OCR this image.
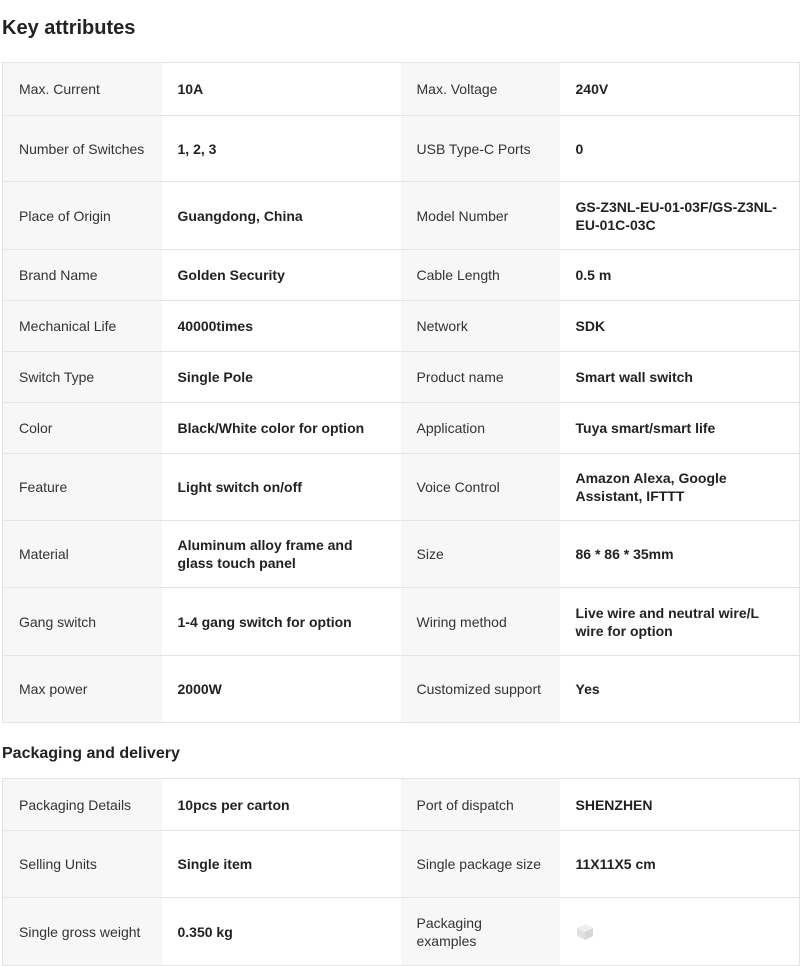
Key attributes
Max. Current	10A	Max. Voltage	240V
Number of Switches	1, 2, 3	USB Type-C Ports	0
Place of Origin	Guangdong, China	Model Number	GS-Z3NL-EU-01-03F/GS-Z3NL-EU-01C-03C
Brand Name	Golden Security	Cable Length	0.5 m
Mechanical Life	40000times	Network	SDK
Switch Type	Single Pole	Product name	Smart wall switch
Color	Black/White color for option	Application	Tuya smart/smart life
Feature	Light switch on/off	Voice Control	Amazon Alexa, Google Assistant, IFTTT
Material	Aluminum alloy frame and glass touch panel	Size	86 * 86 * 35mm
Gang switch	1-4 gang switch for option	Wiring method	Live wire and neutral wire/L wire for option
Max power	2000W	Customized support	Yes
Packaging and delivery
Packaging Details	10pcs per carton	Port of dispatch	SHENZHEN
Selling Units	Single item	Single package size	11X11X5 cm
Single gross weight	0.350 kg	Packaging examples	
